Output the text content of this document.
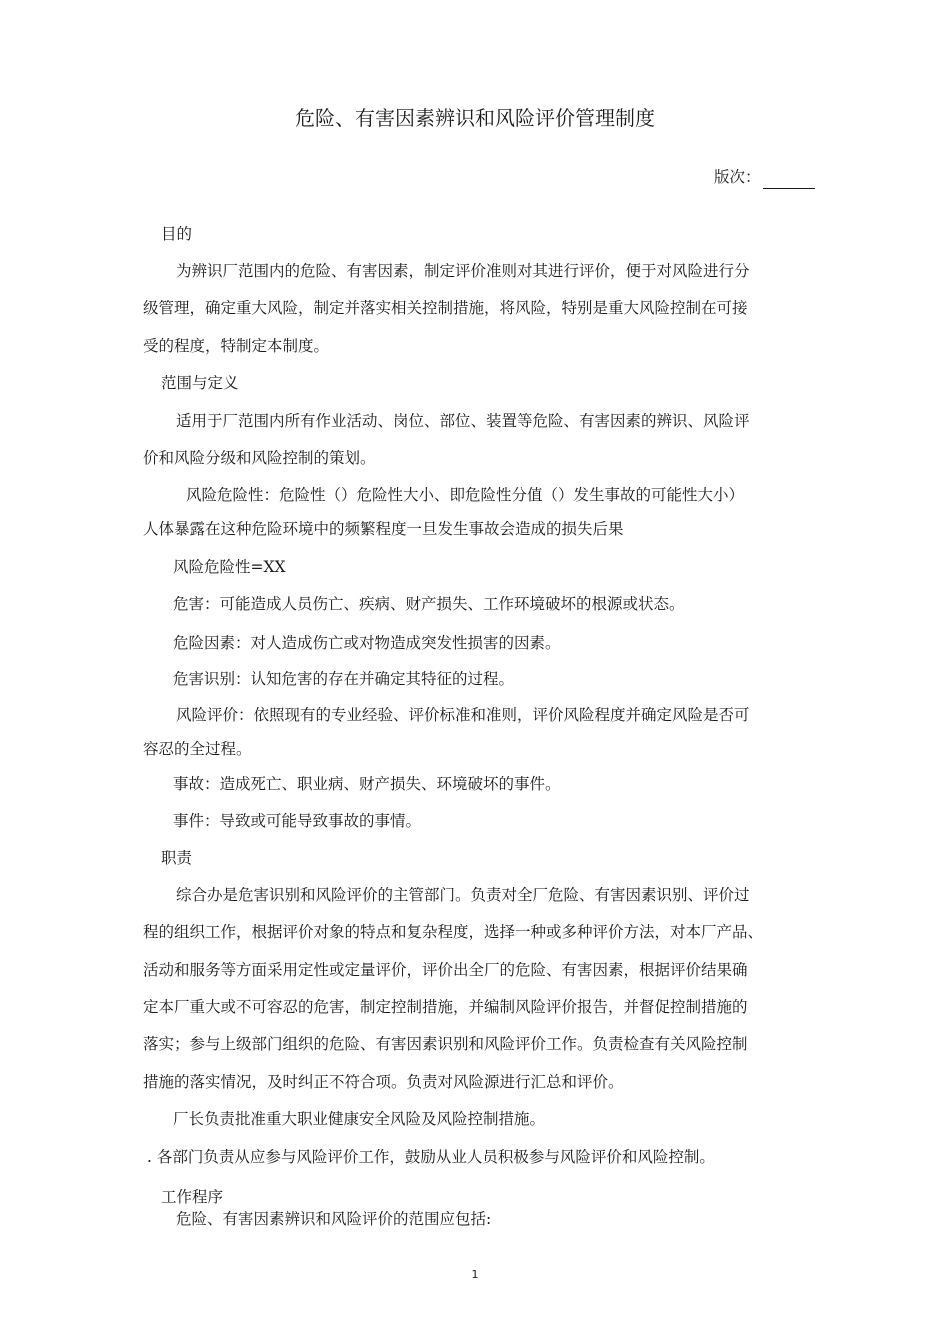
危险、有害因素辨识和风险评价管理制度
版次：
目的
为辨识厂范围内的危险、有害因素，制定评价准则对其进行评价，便于对风险进行分
级管理，确定重大风险，制定并落实相关控制措施，将风险，特别是重大风险控制在可接
受的程度，特制定本制度。
范围与定义
适用于厂范围内所有作业活动、岗位、部位、装置等危险、有害因素的辨识、风险评
价和风险分级和风险控制的策划。
风险危险性：危险性（）危险性大小、即危险性分值（）发生事故的可能性大小）
人体暴露在这种危险环境中的频繁程度一旦发生事故会造成的损失后果
风险危险性=XX
危害：可能造成人员伤亡、疾病、财产损失、工作环境破坏的根源或状态。
危险因素：对人造成伤亡或对物造成突发性损害的因素。
危害识别：认知危害的存在并确定其特征的过程。
风险评价：依照现有的专业经验、评价标准和准则，评价风险程度并确定风险是否可
容忍的全过程。
事故：造成死亡、职业病、财产损失、环境破坏的事件。
事件：导致或可能导致事故的事情。
职责
综合办是危害识别和风险评价的主管部门。负责对全厂危险、有害因素识别、评价过
程的组织工作，根据评价对象的特点和复杂程度，选择一种或多种评价方法，对本厂产品、
活动和服务等方面采用定性或定量评价，评价出全厂的危险、有害因素，根据评价结果确
定本厂重大或不可容忍的危害，制定控制措施，并编制风险评价报告，并督促控制措施的
落实；参与上级部门组织的危险、有害因素识别和风险评价工作。负责检查有关风险控制
措施的落实情况，及时纠正不符合项。负责对风险源进行汇总和评价。
厂长负责批准重大职业健康安全风险及风险控制措施。
. 各部门负责从应参与风险评价工作，鼓励从业人员积极参与风险评价和风险控制。
工作程序
危险、有害因素辨识和风险评价的范围应包括:
1
